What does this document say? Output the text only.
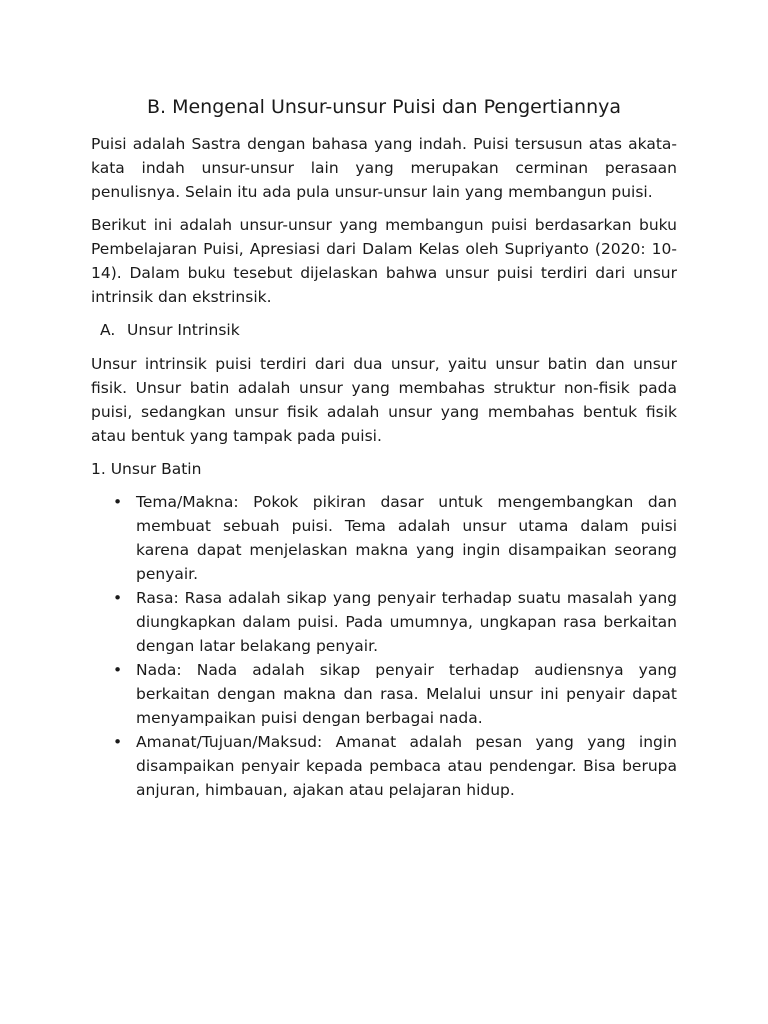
B. Mengenal Unsur-unsur Puisi dan Pengertiannya

Puisi adalah Sastra dengan bahasa yang indah. Puisi tersusun atas akata-kata indah unsur-unsur lain yang merupakan cerminan perasaan penulisnya. Selain itu ada pula unsur-unsur lain yang membangun puisi.

Berikut ini adalah unsur-unsur yang membangun puisi berdasarkan buku Pembelajaran Puisi, Apresiasi dari Dalam Kelas oleh Supriyanto (2020: 10-14). Dalam buku tesebut dijelaskan bahwa unsur puisi terdiri dari unsur intrinsik dan ekstrinsik.

A. Unsur Intrinsik

Unsur intrinsik puisi terdiri dari dua unsur, yaitu unsur batin dan unsur fisik. Unsur batin adalah unsur yang membahas struktur non-fisik pada puisi, sedangkan unsur fisik adalah unsur yang membahas bentuk fisik atau bentuk yang tampak pada puisi.

1. Unsur Batin
• Tema/Makna: Pokok pikiran dasar untuk mengembangkan dan membuat sebuah puisi. Tema adalah unsur utama dalam puisi karena dapat menjelaskan makna yang ingin disampaikan seorang penyair.
• Rasa: Rasa adalah sikap yang penyair terhadap suatu masalah yang diungkapkan dalam puisi. Pada umumnya, ungkapan rasa berkaitan dengan latar belakang penyair.
• Nada: Nada adalah sikap penyair terhadap audiensnya yang berkaitan dengan makna dan rasa. Melalui unsur ini penyair dapat menyampaikan puisi dengan berbagai nada.
• Amanat/Tujuan/Maksud: Amanat adalah pesan yang yang ingin disampaikan penyair kepada pembaca atau pendengar. Bisa berupa anjuran, himbauan, ajakan atau pelajaran hidup.
